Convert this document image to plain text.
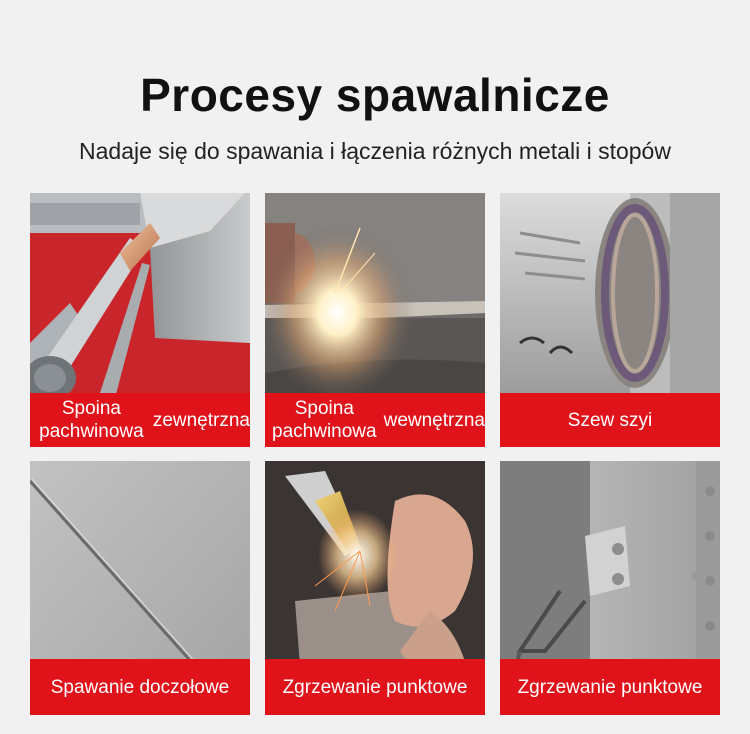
Procesy spawalnicze

Nadaje się do spawania i łączenia różnych metali i stopów

Spoina pachwinowa

zewnętrzna
Spoina pachwinowa

wewnętrzna	Szew szyi
Spawanie doczołowe	Zgrzewanie punktowe	Zgrzewanie punktowe
